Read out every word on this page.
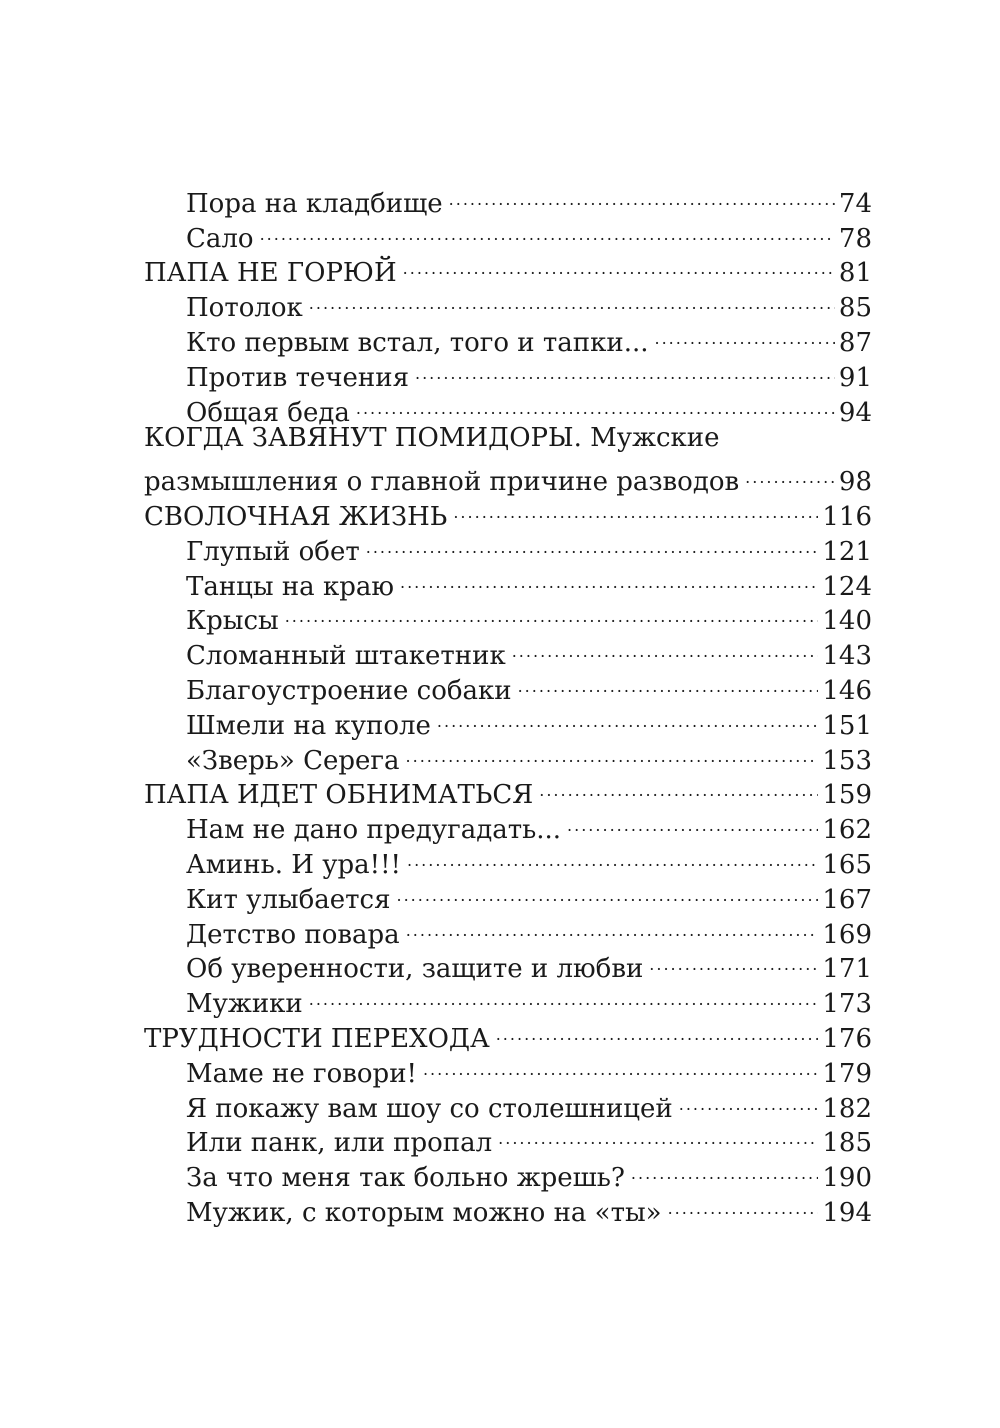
Пора на кладбище .....	74
Сало .....	78
ПАПА НЕ ГОРЮЙ .....	81
Потолок .....	85
Кто первым встал, того и тапки... .....	87
Против течения .....	91
Общая беда .....	94
КОГДА ЗАВЯНУТ ПОМИДОРЫ. Мужские
размышления о главной причине разводов .....	98
СВОЛОЧНАЯ ЖИЗНЬ .....	116
Глупый обет .....	121
Танцы на краю .....	124
Крысы .....	140
Сломанный штакетник .....	143
Благоустроение собаки .....	146
Шмели на куполе .....	151
«Зверь» Серега .....	153
ПАПА ИДЕТ ОБНИМАТЬСЯ .....	159
Нам не дано предугадать... .....	162
Аминь. И ура!!! .....	165
Кит улыбается .....	167
Детство повара .....	169
Об уверенности, защите и любви .....	171
Мужики .....	173
ТРУДНОСТИ ПЕРЕХОДА .....	176
Маме не говори! .....	179
Я покажу вам шоу со столешницей .....	182
Или панк, или пропал .....	185
За что меня так больно жрешь? .....	190
Мужик, с которым можно на «ты» .....	194
